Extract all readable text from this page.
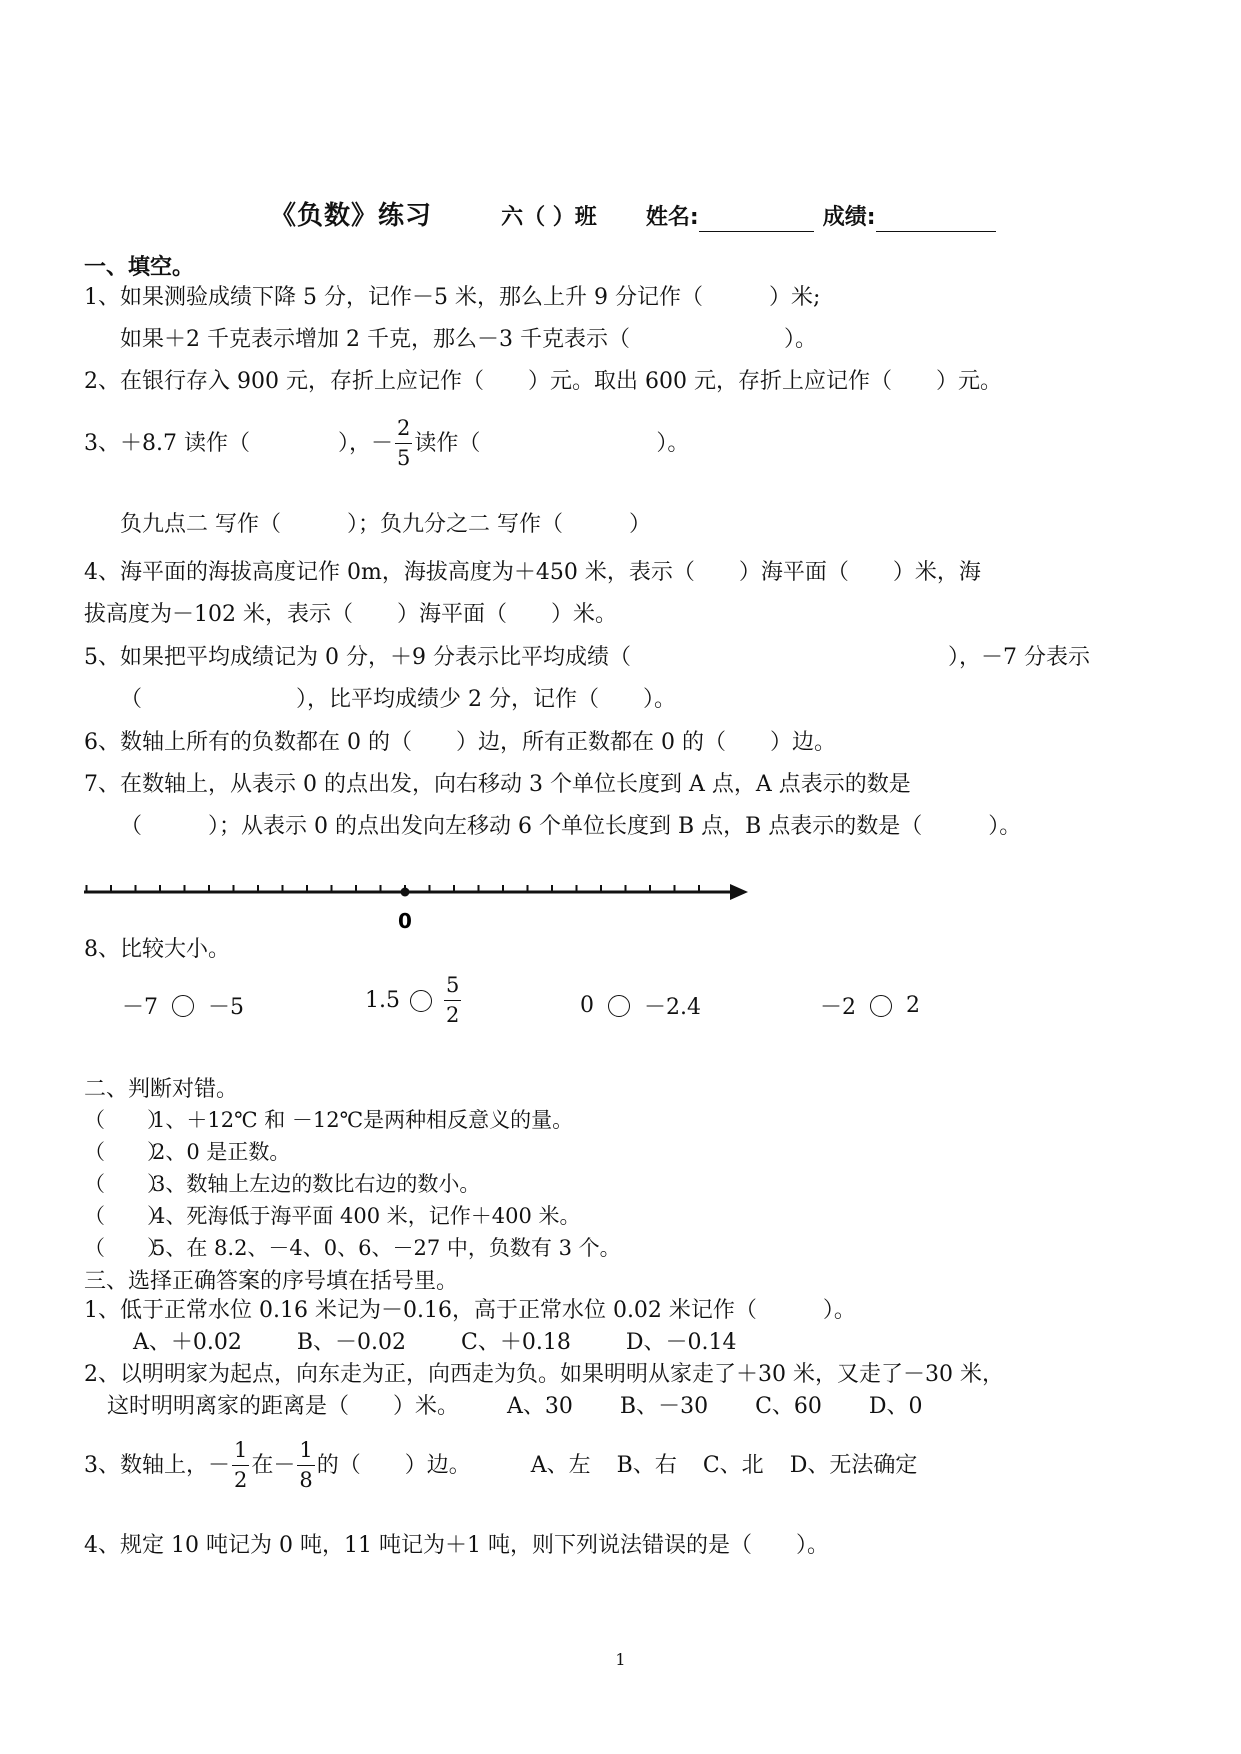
《负数》练习	六（ ）班 姓名:	成绩:
一、填空。
1、如果测验成绩下降 5 分，记作－5 米，那么上升 9 分记作（　　　）米;
如果＋2 千克表示增加 2 千克，那么－3 千克表示（　　　　　　　）。
2、在银行存入 900 元，存折上应记作（　　）元。取出 600 元，存折上应记作（　　）元。
3、＋8.7 读作（　　　　），－ $\frac{2}{5}$ 读作（　　　　　　　　）。
负九点二 写作（　　　）；负九分之二 写作（　　　）
4、海平面的海拔高度记作 0m，海拔高度为＋450 米，表示（　　）海平面（　　）米，海
拔高度为－102 米，表示（　　）海平面（　　）米。
5、如果把平均成绩记为 0 分，＋9 分表示比平均成绩（	），－7 分表示
（　　　　　　　），比平均成绩少 2 分，记作（　　）。
6、数轴上所有的负数都在 0 的（　　）边，所有正数都在 0 的（　　）边。
7、在数轴上，从表示 0 的点出发，向右移动 3 个单位长度到 A 点，A 点表示的数是
（　　　）；从表示 0 的点出发向左移动 6 个单位长度到 B 点，B 点表示的数是（　　　）。
0
8、比较大小。
－7 －5	$1.5 \frac{5}{2}$	0 －2.4	－2 2
二、判断对错。
（　　）1、＋12℃ 和 －12℃是两种相反意义的量。
（　　）2、0 是正数。
（　　）3、数轴上左边的数比右边的数小。
（　　）4、死海低于海平面 400 米，记作＋400 米。
（　　）5、在 8.2、－4、0、6、－27 中，负数有 3 个。
三、选择正确答案的序号填在括号里。
1、低于正常水位 0.16 米记为－0.16，高于正常水位 0.02 米记作（　　　）。
A、＋0.02	B、－0.02	C、＋0.18	D、－0.14
2、以明明家为起点，向东走为正，向西走为负。如果明明从家走了＋30 米，又走了－30 米，
这时明明离家的距离是（　　）米。 A、30 B、－30 C、60 D、0
3、数轴上，－ $\frac{1}{2}$ 在－ $\frac{1}{8}$ 的（　　）边。	A、左 B、右 C、北 D、无法确定
4、规定 10 吨记为 0 吨，11 吨记为＋1 吨，则下列说法错误的是（　　）。
1
